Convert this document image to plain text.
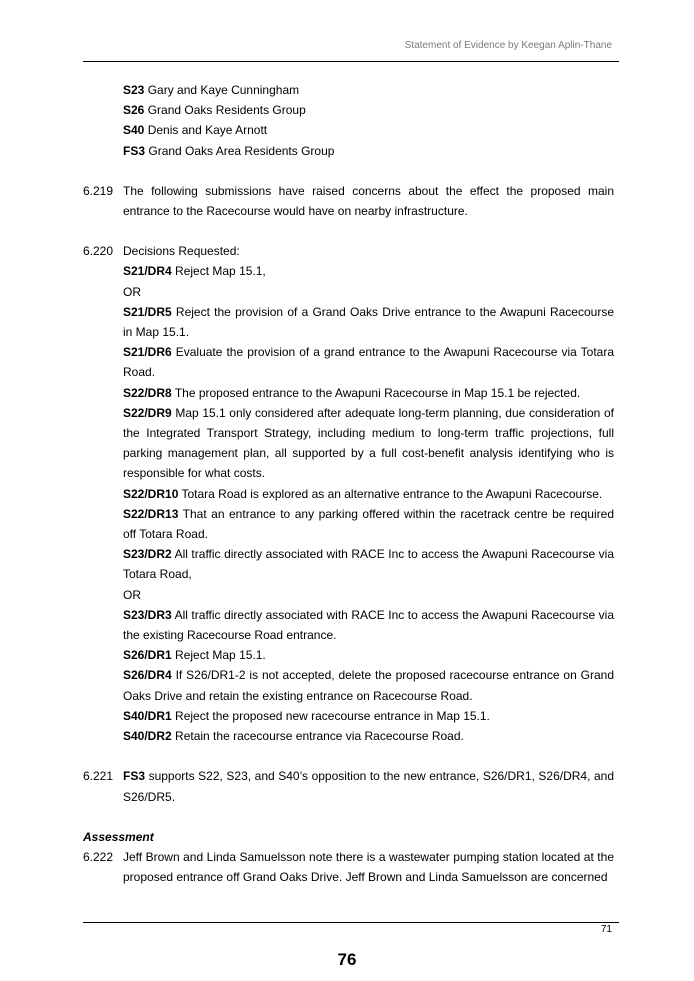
Statement of Evidence by Keegan Aplin-Thane
S23 Gary and Kaye Cunningham
S26 Grand Oaks Residents Group
S40 Denis and Kaye Arnott
FS3 Grand Oaks Area Residents Group
6.219 The following submissions have raised concerns about the effect the proposed main entrance to the Racecourse would have on nearby infrastructure.
6.220 Decisions Requested:
S21/DR4 Reject Map 15.1,
OR
S21/DR5 Reject the provision of a Grand Oaks Drive entrance to the Awapuni Racecourse in Map 15.1.
S21/DR6 Evaluate the provision of a grand entrance to the Awapuni Racecourse via Totara Road.
S22/DR8 The proposed entrance to the Awapuni Racecourse in Map 15.1 be rejected.
S22/DR9 Map 15.1 only considered after adequate long-term planning, due consideration of the Integrated Transport Strategy, including medium to long-term traffic projections, full parking management plan, all supported by a full cost-benefit analysis identifying who is responsible for what costs.
S22/DR10 Totara Road is explored as an alternative entrance to the Awapuni Racecourse.
S22/DR13 That an entrance to any parking offered within the racetrack centre be required off Totara Road.
S23/DR2 All traffic directly associated with RACE Inc to access the Awapuni Racecourse via Totara Road,
OR
S23/DR3 All traffic directly associated with RACE Inc to access the Awapuni Racecourse via the existing Racecourse Road entrance.
S26/DR1 Reject Map 15.1.
S26/DR4 If S26/DR1-2 is not accepted, delete the proposed racecourse entrance on Grand Oaks Drive and retain the existing entrance on Racecourse Road.
S40/DR1 Reject the proposed new racecourse entrance in Map 15.1.
S40/DR2 Retain the racecourse entrance via Racecourse Road.
6.221 FS3 supports S22, S23, and S40’s opposition to the new entrance, S26/DR1, S26/DR4, and S26/DR5.
Assessment
6.222 Jeff Brown and Linda Samuelsson note there is a wastewater pumping station located at the proposed entrance off Grand Oaks Drive. Jeff Brown and Linda Samuelsson are concerned
71
76
